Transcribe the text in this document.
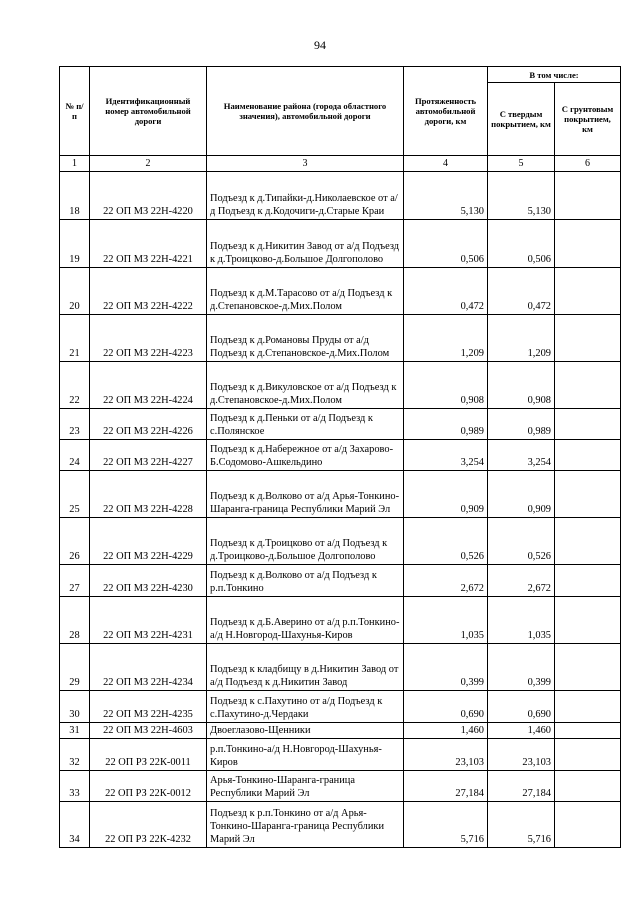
94
№ п/п	Идентификационный номер автомобильной дороги	Наименование района (города областного значения), автомобильной дороги	Протяженность автомобильной дороги, км	В том числе:	
				С твердым покрытием, км	С грунтовым покрытием, км
1	2	3	4	5	6
18	22 ОП МЗ 22Н-4220	Подъезд к д.Типайки-д.Николаевское от а/д Подъезд к д.Кодочиги-д.Старые Краи	5,130	5,130	
19	22 ОП МЗ 22Н-4221	Подъезд к д.Никитин Завод от а/д Подъезд к д.Троицково-д.Большое Долгополово	0,506	0,506	
20	22 ОП МЗ 22Н-4222	Подъезд к д.М.Тарасово от а/д Подъезд к д.Степановское-д.Мих.Полом	0,472	0,472	
21	22 ОП МЗ 22Н-4223	Подъезд к д.Романовы Пруды от а/д Подъезд к д.Степановское-д.Мих.Полом	1,209	1,209	
22	22 ОП МЗ 22Н-4224	Подъезд к д.Викуловское от а/д Подъезд к д.Степановское-д.Мих.Полом	0,908	0,908	
23	22 ОП МЗ 22Н-4226	Подъезд к д.Пеньки от а/д Подъезд к с.Полянское	0,989	0,989	
24	22 ОП МЗ 22Н-4227	Подъезд к д.Набережное от а/д Захарово-Б.Содомово-Ашкельдино	3,254	3,254	
25	22 ОП МЗ 22Н-4228	Подъезд к д.Волково от а/д Арья-Тонкино-Шаранга-граница Республики Марий Эл	0,909	0,909	
26	22 ОП МЗ 22Н-4229	Подъезд к д.Троицково от а/д Подъезд к д.Троицково-д.Большое Долгополово	0,526	0,526	
27	22 ОП МЗ 22Н-4230	Подъезд к д.Волково от а/д Подъезд к р.п.Тонкино	2,672	2,672	
28	22 ОП МЗ 22Н-4231	Подъезд к д.Б.Аверино от а/д р.п.Тонкино-а/д Н.Новгород-Шахунья-Киров	1,035	1,035	
29	22 ОП МЗ 22Н-4234	Подъезд к кладбищу в д.Никитин Завод от а/д Подъезд к д.Никитин Завод	0,399	0,399	
30	22 ОП МЗ 22Н-4235	Подъезд к с.Пахутино от а/д Подъезд к с.Пахутино-д.Чердаки	0,690	0,690	
31	22 ОП МЗ 22Н-4603	Двоеглазово-Щенники	1,460	1,460	
32	22 ОП РЗ 22К-0011	р.п.Тонкино-а/д Н.Новгород-Шахунья-Киров	23,103	23,103	
33	22 ОП РЗ 22К-0012	Арья-Тонкино-Шаранга-граница Республики Марий Эл	27,184	27,184	
34	22 ОП РЗ 22К-4232	Подъезд к р.п.Тонкино от а/д Арья-Тонкино-Шаранга-граница Республики Марий Эл	5,716	5,716	
